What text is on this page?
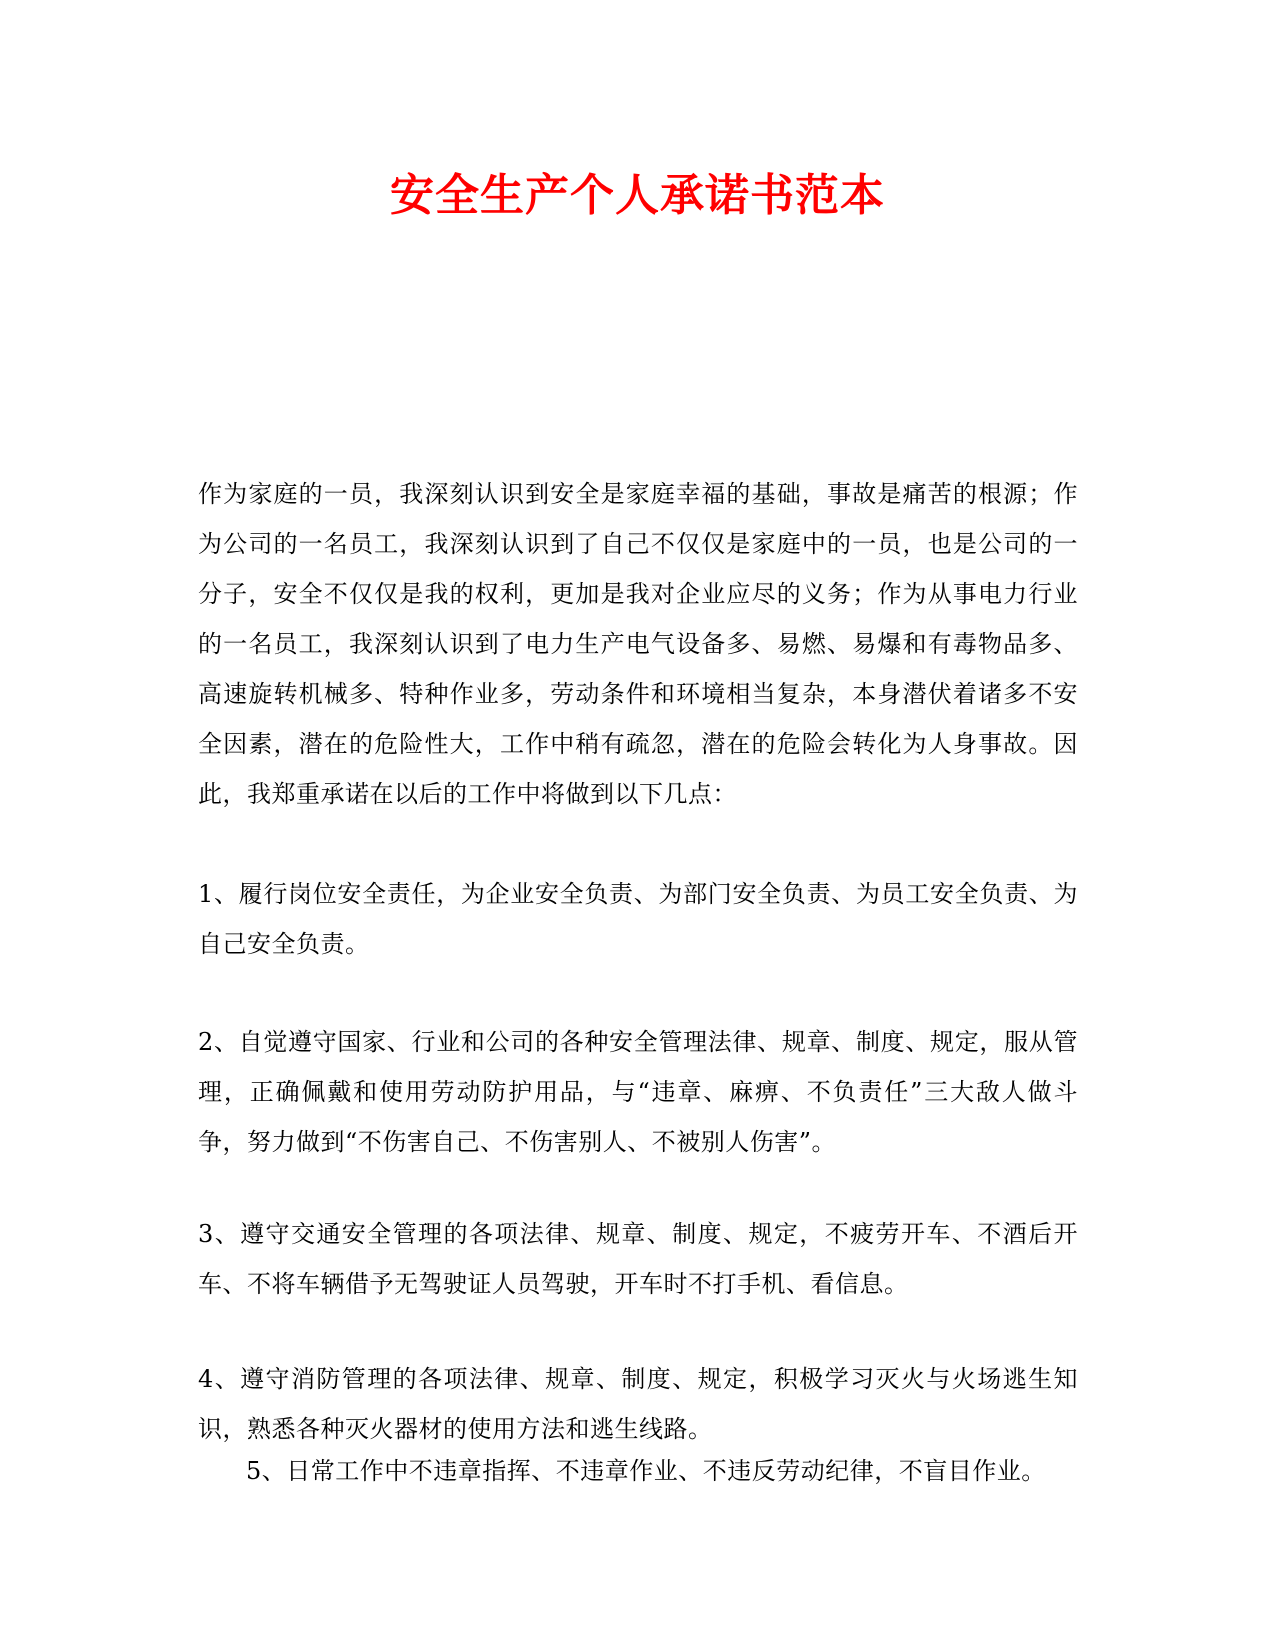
安全生产个人承诺书范本

作为家庭的一员，我深刻认识到安全是家庭幸福的基础，事故是痛苦的根源；作为公司的一名员工，我深刻认识到了自己不仅仅是家庭中的一员，也是公司的一分子，安全不仅仅是我的权利，更加是我对企业应尽的义务；作为从事电力行业的一名员工，我深刻认识到了电力生产电气设备多、易燃、易爆和有毒物品多、高速旋转机械多、特种作业多，劳动条件和环境相当复杂，本身潜伏着诸多不安全因素，潜在的危险性大，工作中稍有疏忽，潜在的危险会转化为人身事故。因此，我郑重承诺在以后的工作中将做到以下几点：

1、履行岗位安全责任，为企业安全负责、为部门安全负责、为员工安全负责、为自己安全负责。

2、自觉遵守国家、行业和公司的各种安全管理法律、规章、制度、规定，服从管理，正确佩戴和使用劳动防护用品，与“违章、麻痹、不负责任”三大敌人做斗争，努力做到“不伤害自己、不伤害别人、不被别人伤害”。

3、遵守交通安全管理的各项法律、规章、制度、规定，不疲劳开车、不酒后开车、不将车辆借予无驾驶证人员驾驶，开车时不打手机、看信息。

4、遵守消防管理的各项法律、规章、制度、规定，积极学习灭火与火场逃生知识，熟悉各种灭火器材的使用方法和逃生线路。

5、日常工作中不违章指挥、不违章作业、不违反劳动纪律，不盲目作业。
